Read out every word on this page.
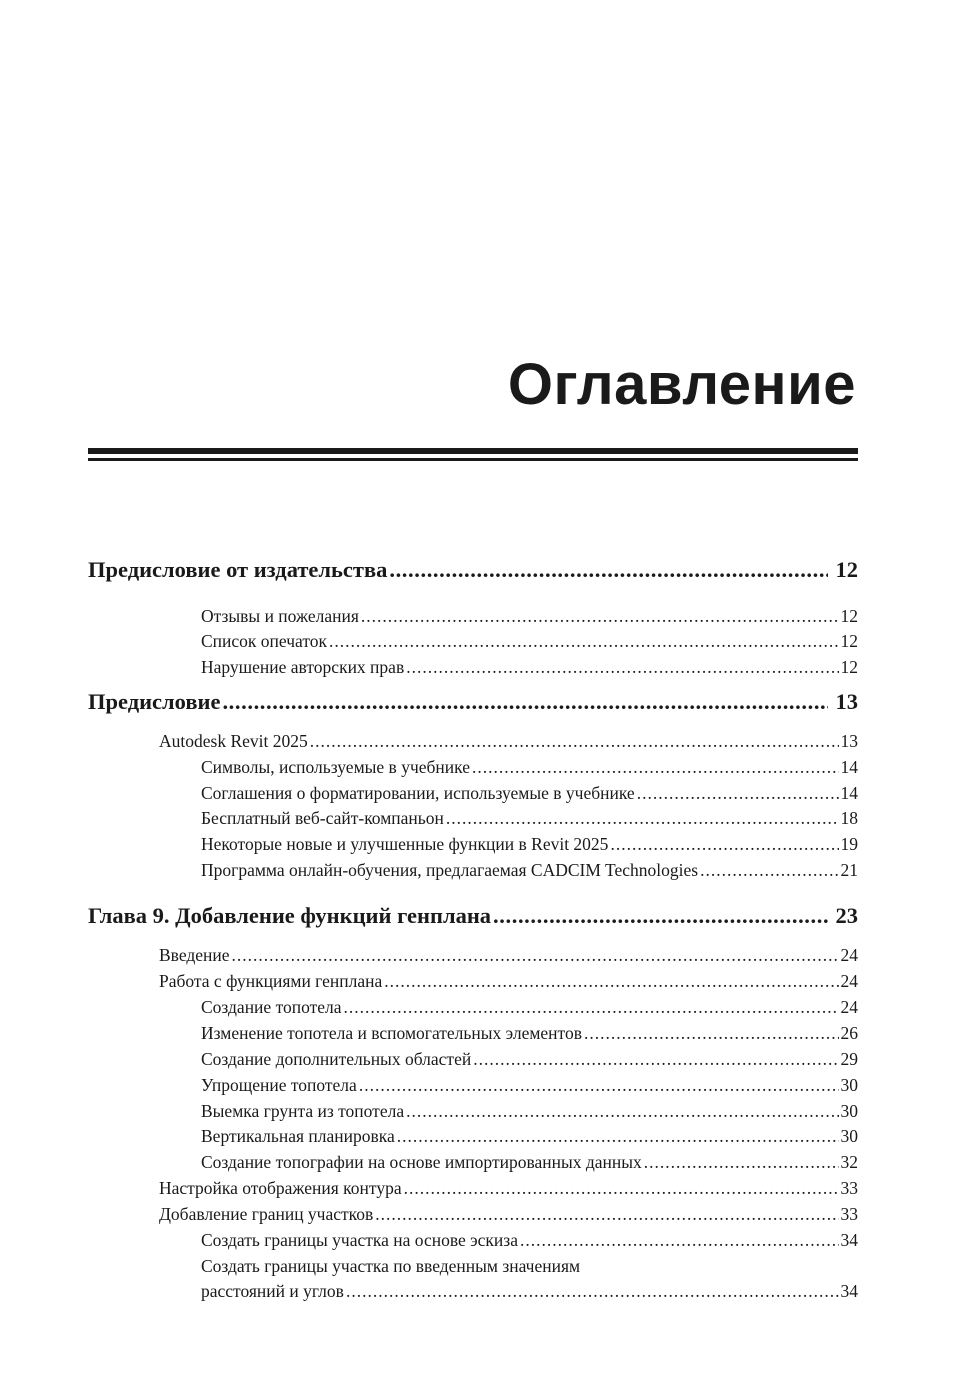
Оглавление
Предисловие от издательства .....	12
Отзывы и пожелания .....	12
Список опечаток .....	12
Нарушение авторских прав .....	12
Предисловие .....	13
Autodesk Revit 2025 .....	13
Символы, используемые в учебнике .....	14
Соглашения о форматировании, используемые в учебнике .....	14
Бесплатный веб-сайт-компаньон .....	18
Некоторые новые и улучшенные функции в Revit 2025 .....	19
Программа онлайн-обучения, предлагаемая CADCIM Technologies .....	21
Глава 9. Добавление функций генплана .....	23
Введение .....	24
Работа с функциями генплана .....	24
Создание топотела .....	24
Изменение топотела и вспомогательных элементов .....	26
Создание дополнительных областей .....	29
Упрощение топотела .....	30
Выемка грунта из топотела .....	30
Вертикальная планировка .....	30
Создание топографии на основе импортированных данных .....	32
Настройка отображения контура .....	33
Добавление границ участков .....	33
Создать границы участка на основе эскиза .....	34
Создать границы участка по введенным значениям
расстояний и углов .....	34
